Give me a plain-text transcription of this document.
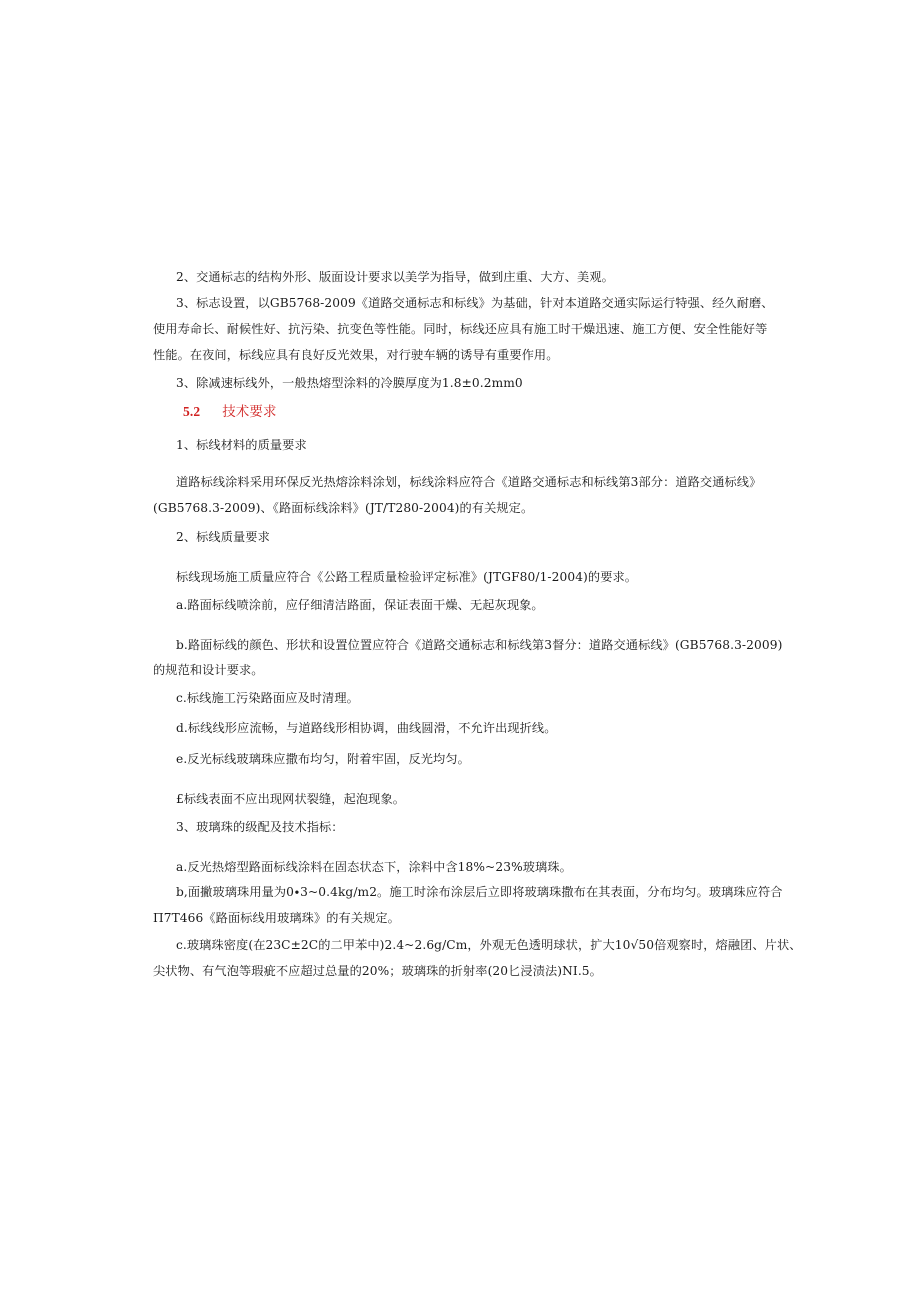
2、交通标志的结构外形、版面设计要求以美学为指导，做到庄重、大方、美观。
3、标志设置，以GB5768-2009《道路交通标志和标线》为基础，针对本道路交通实际运行特强、经久耐磨、
使用寿命长、耐候性好、抗污染、抗变色等性能。同时，标线还应具有施工时干燥迅速、施工方便、安全性能好等
性能。在夜间，标线应具有良好反光效果，对行驶车辆的诱导有重要作用。
3、除减速标线外，一般热熔型涂料的冷膜厚度为1.8±0.2mm0
5.2 技术要求
1、标线材料的质量要求
道路标线涂料采用环保反光热熔涂料涂划，标线涂料应符合《道路交通标志和标线第3部分：道路交通标线》
(GB5768.3-2009)、《路面标线涂料》(JT/T280-2004)的有关规定。
2、标线质量要求
标线现场施工质量应符合《公路工程质量检验评定标准》(JTGF80/1-2004)的要求。
a.路面标线喷涂前，应仔细清洁路面，保证表面干燥、无起灰现象。
b.路面标线的颜色、形状和设置位置应符合《道路交通标志和标线第3督分：道路交通标线》(GB5768.3-2009)
的规范和设计要求。
c.标线施工污染路面应及时清理。
d.标线线形应流畅，与道路线形相协调，曲线圆滑，不允许出现折线。
e.反光标线玻璃珠应撒布均匀，附着牢固，反光均匀。
£标线表面不应出现网状裂缝，起泡现象。
3、玻璃珠的级配及技术指标：
a.反光热熔型路面标线涂料在固态状态下，涂料中含18%~23%玻璃珠。
b,面撇玻璃珠用量为0∙3~0.4kg∕m2。施工时涂布涂层后立即将玻璃珠撒布在其表面，分布均匀。玻璃珠应符合
Π7T466《路面标线用玻璃珠》的有关规定。
c.玻璃珠密度(在23C±2C的二甲苯中)2.4~2.6g/Cm，外观无色透明球状，扩大10√50倍观察时，熔融团、片状、
尖状物、有气泡等瑕疵不应超过总量的20%；玻璃珠的折射率(20匕浸渍法)NI.5。
